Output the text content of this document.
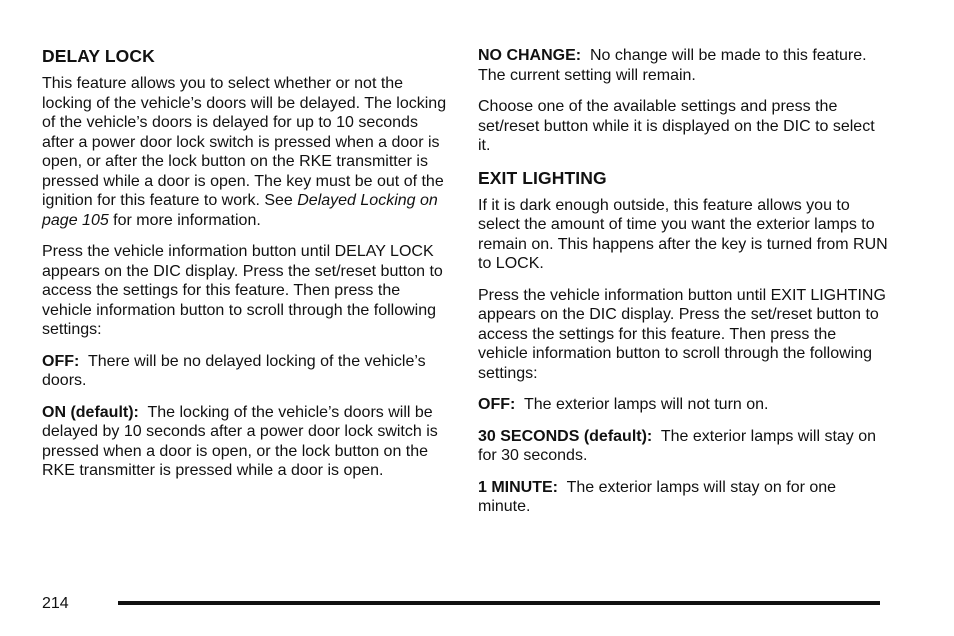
DELAY LOCK

This feature allows you to select whether or not the locking of the vehicle’s doors will be delayed. The locking of the vehicle’s doors is delayed for up to 10 seconds after a power door lock switch is pressed when a door is open, or after the lock button on the RKE transmitter is pressed while a door is open. The key must be out of the ignition for this feature to work. See Delayed Locking on page 105 for more information.

Press the vehicle information button until DELAY LOCK appears on the DIC display. Press the set/reset button to access the settings for this feature. Then press the vehicle information button to scroll through the following settings:

OFF: There will be no delayed locking of the vehicle’s doors.

ON (default): The locking of the vehicle’s doors will be delayed by 10 seconds after a power door lock switch is pressed when a door is open, or the lock button on the RKE transmitter is pressed while a door is open.

NO CHANGE: No change will be made to this feature. The current setting will remain.

Choose one of the available settings and press the set/reset button while it is displayed on the DIC to select it.

EXIT LIGHTING

If it is dark enough outside, this feature allows you to select the amount of time you want the exterior lamps to remain on. This happens after the key is turned from RUN to LOCK.

Press the vehicle information button until EXIT LIGHTING appears on the DIC display. Press the set/reset button to access the settings for this feature. Then press the vehicle information button to scroll through the following settings:

OFF: The exterior lamps will not turn on.

30 SECONDS (default): The exterior lamps will stay on for 30 seconds.

1 MINUTE: The exterior lamps will stay on for one minute.

214
